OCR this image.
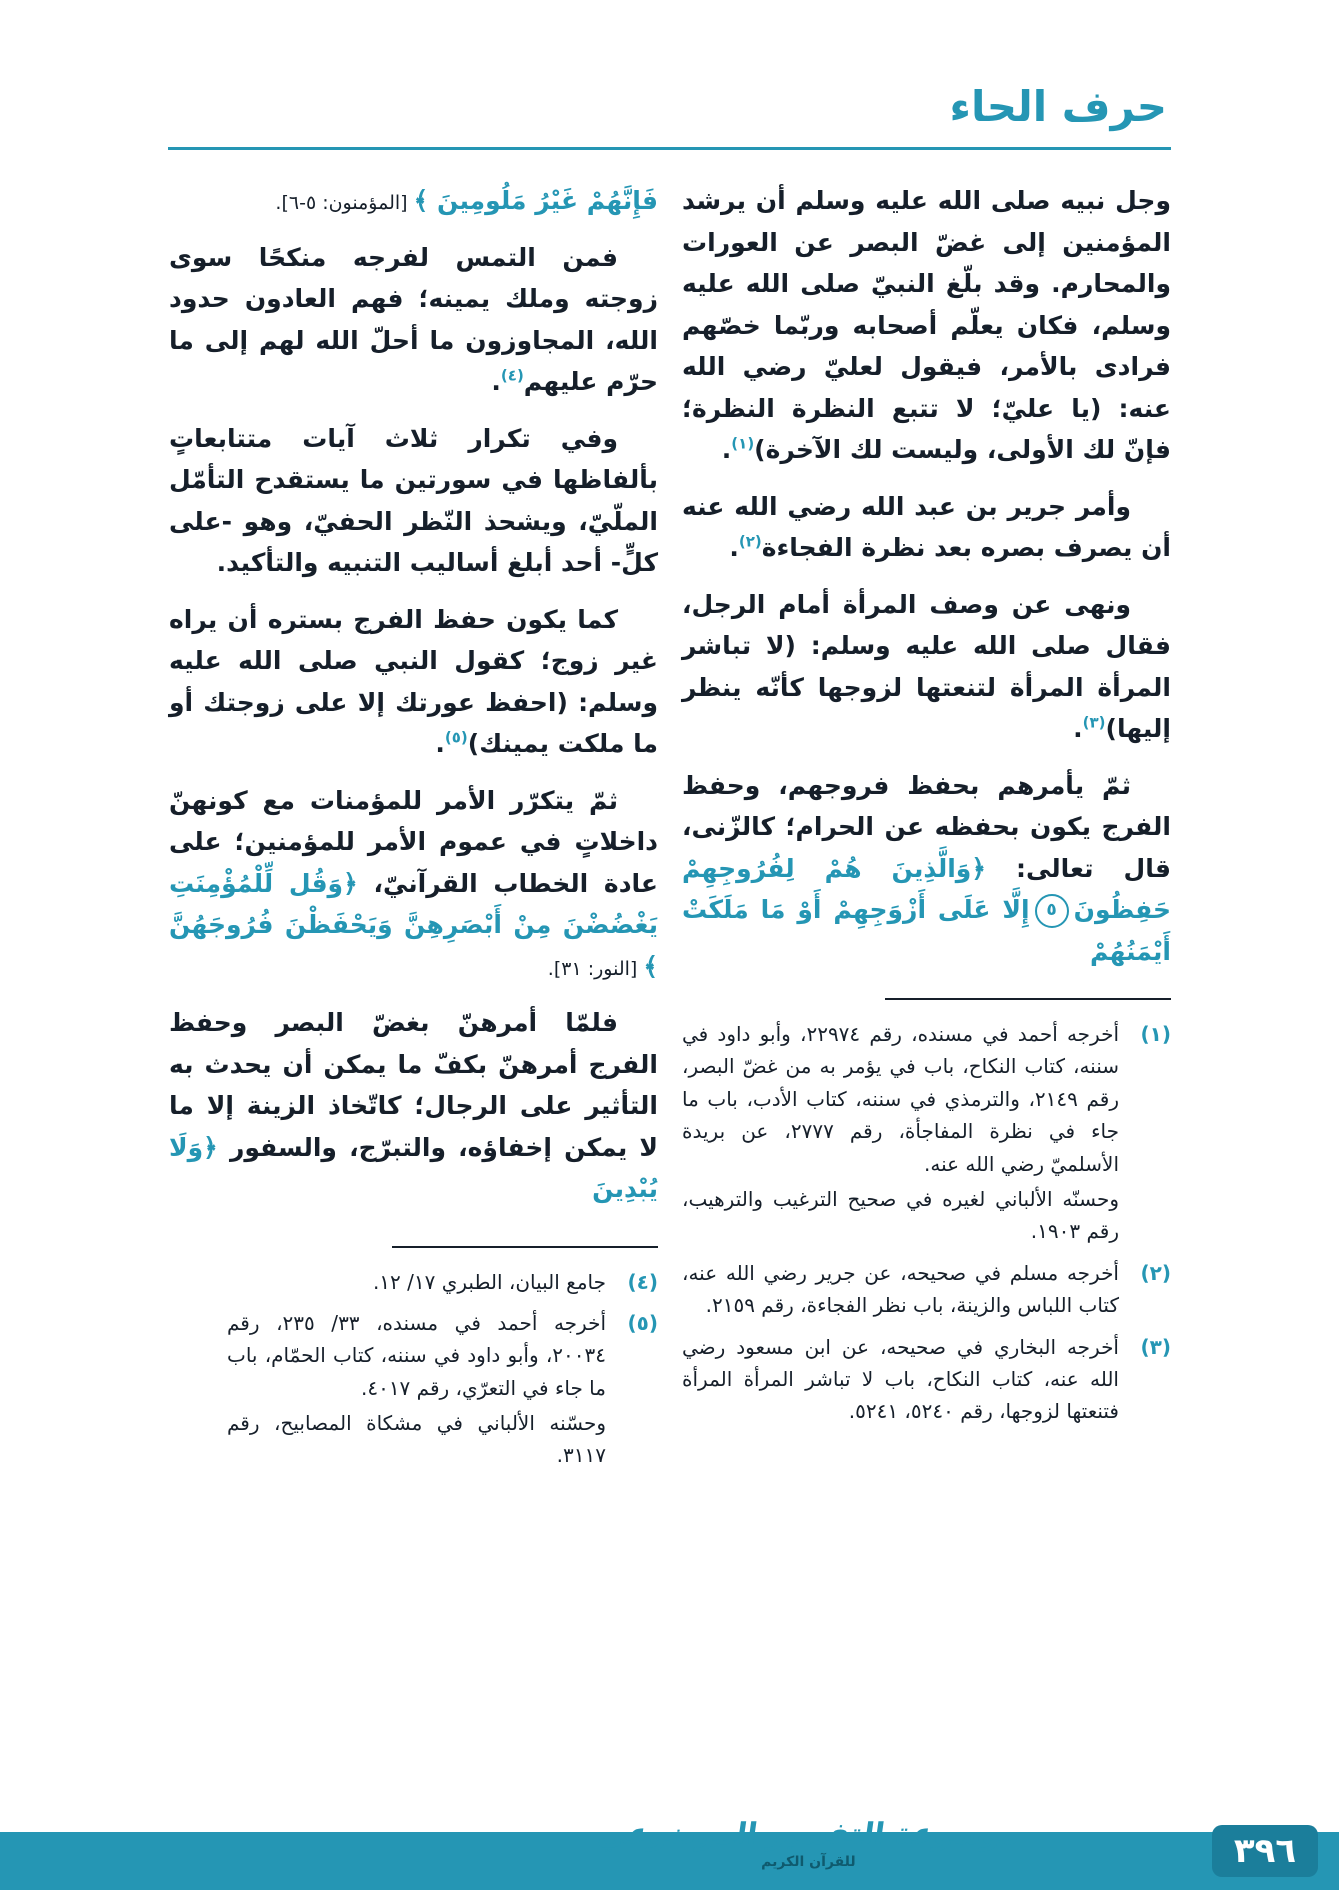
حرف الحاء

وجل نبيه صلى الله عليه وسلم أن يرشد المؤمنين إلى غضّ البصر عن العورات والمحارم. وقد بلّغ النبيّ صلى الله عليه وسلم، فكان يعلّم أصحابه وربّما خصّهم فرادى بالأمر، فيقول لعليّ رضي الله عنه: (يا عليّ؛ لا تتبع النظرة النظرة؛ فإنّ لك الأولى، وليست لك الآخرة)$^{(١)}$.

وأمر جرير بن عبد الله رضي الله عنه أن يصرف بصره بعد نظرة الفجاءة$^{(٢)}$.

ونهى عن وصف المرأة أمام الرجل، فقال صلى الله عليه وسلم: (لا تباشر المرأة المرأة لتنعتها لزوجها كأنّه ينظر إليها)$^{(٣)}$.

ثمّ يأمرهم بحفظ فروجهم، وحفظ الفرج يكون بحفظه عن الحرام؛ كالزّنى، قال تعالى: ﴿وَالَّذِينَ هُمْ لِفُرُوجِهِمْ حَفِظُونَ٥إِلَّا عَلَى أَزْوَجِهِمْ أَوْ مَا مَلَكَتْ أَيْمَنُهُمْ

(١)
أخرجه أحمد في مسنده، رقم ٢٢٩٧٤، وأبو داود في سننه، كتاب النكاح، باب في يؤمر به من غضّ البصر، رقم ٢١٤٩، والترمذي في سننه، كتاب الأدب، باب ما جاء في نظرة المفاجأة، رقم ٢٧٧٧، عن بريدة الأسلميّ رضي الله عنه.
وحسنّه الألباني لغيره في صحيح الترغيب والترهيب، رقم ١٩٠٣.
(٢)
أخرجه مسلم في صحيحه، عن جرير رضي الله عنه، كتاب اللباس والزينة، باب نظر الفجاءة، رقم ٢١٥٩.
(٣)
أخرجه البخاري في صحيحه، عن ابن مسعود رضي الله عنه، كتاب النكاح، باب لا تباشر المرأة المرأة فتنعتها لزوجها، رقم ٥٢٤٠، ٥٢٤١.

فَإِنَّهُمْ غَيْرُ مَلُومِينَ ﴾ [المؤمنون: ٥-٦].

فمن التمس لفرجه منكحًا سوى زوجته وملك يمينه؛ فهم العادون حدود الله، المجاوزون ما أحلّ الله لهم إلى ما حرّم عليهم$^{(٤)}$.

وفي تكرار ثلاث آيات متتابعاتٍ بألفاظها في سورتين ما يستقدح التأمّل الملّيّ، ويشحذ النّظر الحفيّ، وهو -على كلٍّ- أحد أبلغ أساليب التنبيه والتأكيد.

كما يكون حفظ الفرج بستره أن يراه غير زوج؛ كقول النبي صلى الله عليه وسلم: (احفظ عورتك إلا على زوجتك أو ما ملكت يمينك)$^{(٥)}$.

ثمّ يتكرّر الأمر للمؤمنات مع كونهنّ داخلاتٍ في عموم الأمر للمؤمنين؛ على عادة الخطاب القرآنيّ، ﴿وَقُل لِّلْمُؤْمِنَتِ يَغْضُضْنَ مِنْ أَبْصَرِهِنَّ وَيَحْفَظْنَ فُرُوجَهُنَّ ﴾ [النور: ٣١].

فلمّا أمرهنّ بغضّ البصر وحفظ الفرج أمرهنّ بكفّ ما يمكن أن يحدث به التأثير على الرجال؛ كاتّخاذ الزينة إلا ما لا يمكن إخفاؤه، والتبرّج، والسفور ﴿وَلَا يُبْدِينَ

(٤)
جامع البيان، الطبري ١٧/ ١٢.
(٥)
أخرجه أحمد في مسنده، ٣٣/ ٢٣٥، رقم ٢٠٠٣٤، وأبو داود في سننه، كتاب الحمّام، باب ما جاء في التعرّي، رقم ٤٠١٧.
وحسّنه الألباني في مشكاة المصابيح، رقم ٣١١٧.
موسوعة التفسير الموضوعي
للقرآن الكريم	٣٩٦
